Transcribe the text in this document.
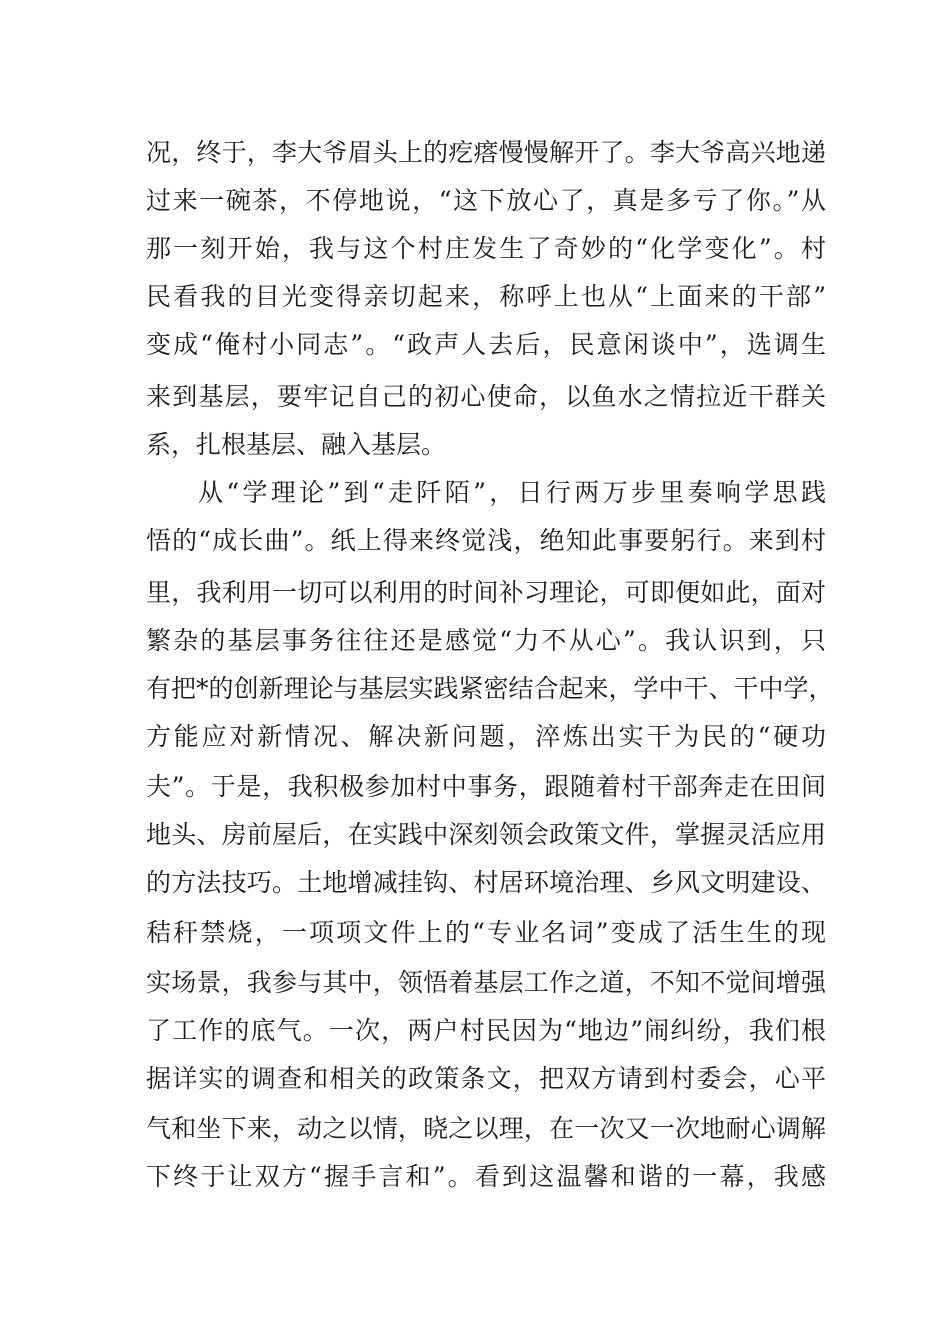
况，终于，李大爷眉头上的疙瘩慢慢解开了。李大爷高兴地递
过来一碗茶，不停地说，“这下放心了，真是多亏了你。”从
那一刻开始，我与这个村庄发生了奇妙的“化学变化”。村
民看我的目光变得亲切起来，称呼上也从“上面来的干部”
变成“俺村小同志”。“政声人去后，民意闲谈中”，选调生
来到基层，要牢记自己的初心使命，以鱼水之情拉近干群关
系，扎根基层、融入基层。
从“学理论”到“走阡陌”，日行两万步里奏响学思践
悟的“成长曲”。纸上得来终觉浅，绝知此事要躬行。来到村
里，我利用一切可以利用的时间补习理论，可即便如此，面对
繁杂的基层事务往往还是感觉“力不从心”。我认识到，只
有把*的创新理论与基层实践紧密结合起来，学中干、干中学，
方能应对新情况、解决新问题，淬炼出实干为民的“硬功
夫”。于是，我积极参加村中事务，跟随着村干部奔走在田间
地头、房前屋后，在实践中深刻领会政策文件，掌握灵活应用
的方法技巧。土地增减挂钩、村居环境治理、乡风文明建设、
秸秆禁烧，一项项文件上的“专业名词”变成了活生生的现
实场景，我参与其中，领悟着基层工作之道，不知不觉间增强
了工作的底气。一次，两户村民因为“地边”闹纠纷，我们根
据详实的调查和相关的政策条文，把双方请到村委会，心平
气和坐下来，动之以情，晓之以理，在一次又一次地耐心调解
下终于让双方“握手言和”。看到这温馨和谐的一幕，我感
